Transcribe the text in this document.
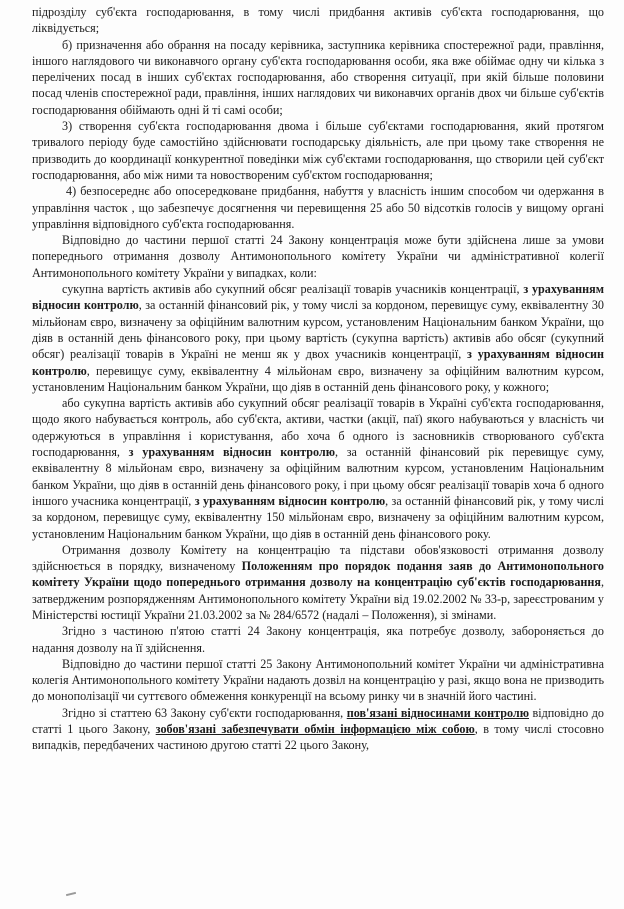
підрозділу суб'єкта господарювання, в тому числі придбання активів суб'єкта господарювання, що ліквідується;

б) призначення або обрання на посаду керівника, заступника керівника спостережної ради, правління, іншого наглядового чи виконавчого органу суб'єкта господарювання особи, яка вже обіймає одну чи кілька з перелічених посад в інших суб'єктах господарювання, або створення ситуації, при якій більше половини посад членів спостережної ради, правління, інших наглядових чи виконавчих органів двох чи більше суб'єктів господарювання обіймають одні й ті самі особи;

3) створення суб'єкта господарювання двома і більше суб'єктами господарювання, який протягом тривалого періоду буде самостійно здійснювати господарську діяльність, але при цьому таке створення не призводить до координації конкурентної поведінки між суб'єктами господарювання, що створили цей суб'єкт господарювання, або між ними та новоствореним суб'єктом господарювання;

4) безпосереднє або опосередковане придбання, набуття у власність іншим способом чи одержання в управління часток , що забезпечує досягнення чи перевищення 25 або 50 відсотків голосів у вищому органі управління відповідного суб'єкта господарювання.

Відповідно до частини першої статті 24 Закону концентрація може бути здійснена лише за умови попереднього отримання дозволу Антимонопольного комітету України чи адміністративної колегії Антимонопольного комітету України у випадках, коли:

сукупна вартість активів або сукупний обсяг реалізації товарів учасників концентрації, з урахуванням відносин контролю, за останній фінансовий рік, у тому числі за кордоном, перевищує суму, еквівалентну 30 мільйонам євро, визначену за офіційним валютним курсом, установленим Національним банком України, що діяв в останній день фінансового року, при цьому вартість (сукупна вартість) активів або обсяг (сукупний обсяг) реалізації товарів в Україні не менш як у двох учасників концентрації, з урахуванням відносин контролю, перевищує суму, еквівалентну 4 мільйонам євро, визначену за офіційним валютним курсом, установленим Національним банком України, що діяв в останній день фінансового року, у кожного;

або сукупна вартість активів або сукупний обсяг реалізації товарів в Україні суб'єкта господарювання, щодо якого набувається контроль, або суб'єкта, активи, частки (акції, паї) якого набуваються у власність чи одержуються в управління і користування, або хоча б одного із засновників створюваного суб'єкта господарювання, з урахуванням відносин контролю, за останній фінансовий рік перевищує суму, еквівалентну 8 мільйонам євро, визначену за офіційним валютним курсом, установленим Національним банком України, що діяв в останній день фінансового року, і при цьому обсяг реалізації товарів хоча б одного іншого учасника концентрації, з урахуванням відносин контролю, за останній фінансовий рік, у тому числі за кордоном, перевищує суму, еквівалентну 150 мільйонам євро, визначену за офіційним валютним курсом, установленим Національним банком України, що діяв в останній день фінансового року.

Отримання дозволу Комітету на концентрацію та підстави обов'язковості отримання дозволу здійснюється в порядку, визначеному Положенням про порядок подання заяв до Антимонопольного комітету України щодо попереднього отримання дозволу на концентрацію суб'єктів господарювання, затвердженим розпорядженням Антимонопольного комітету України від 19.02.2002 № 33-р, зареєстрованим у Міністерстві юстиції України 21.03.2002 за № 284/6572 (надалі – Положення), зі змінами.

Згідно з частиною п'ятою статті 24 Закону концентрація, яка потребує дозволу, забороняється до надання дозволу на її здійснення.

Відповідно до частини першої статті 25 Закону Антимонопольний комітет України чи адміністративна колегія Антимонопольного комітету України надають дозвіл на концентрацію у разі, якщо вона не призводить до монополізації чи суттєвого обмеження конкуренції на всьому ринку чи в значній його частині.

Згідно зі статтею 63 Закону суб'єкти господарювання, пов'язані відносинами контролю відповідно до статті 1 цього Закону, зобов'язані забезпечувати обмін інформацією між собою, в тому числі стосовно випадків, передбачених частиною другою статті 22 цього Закону,
